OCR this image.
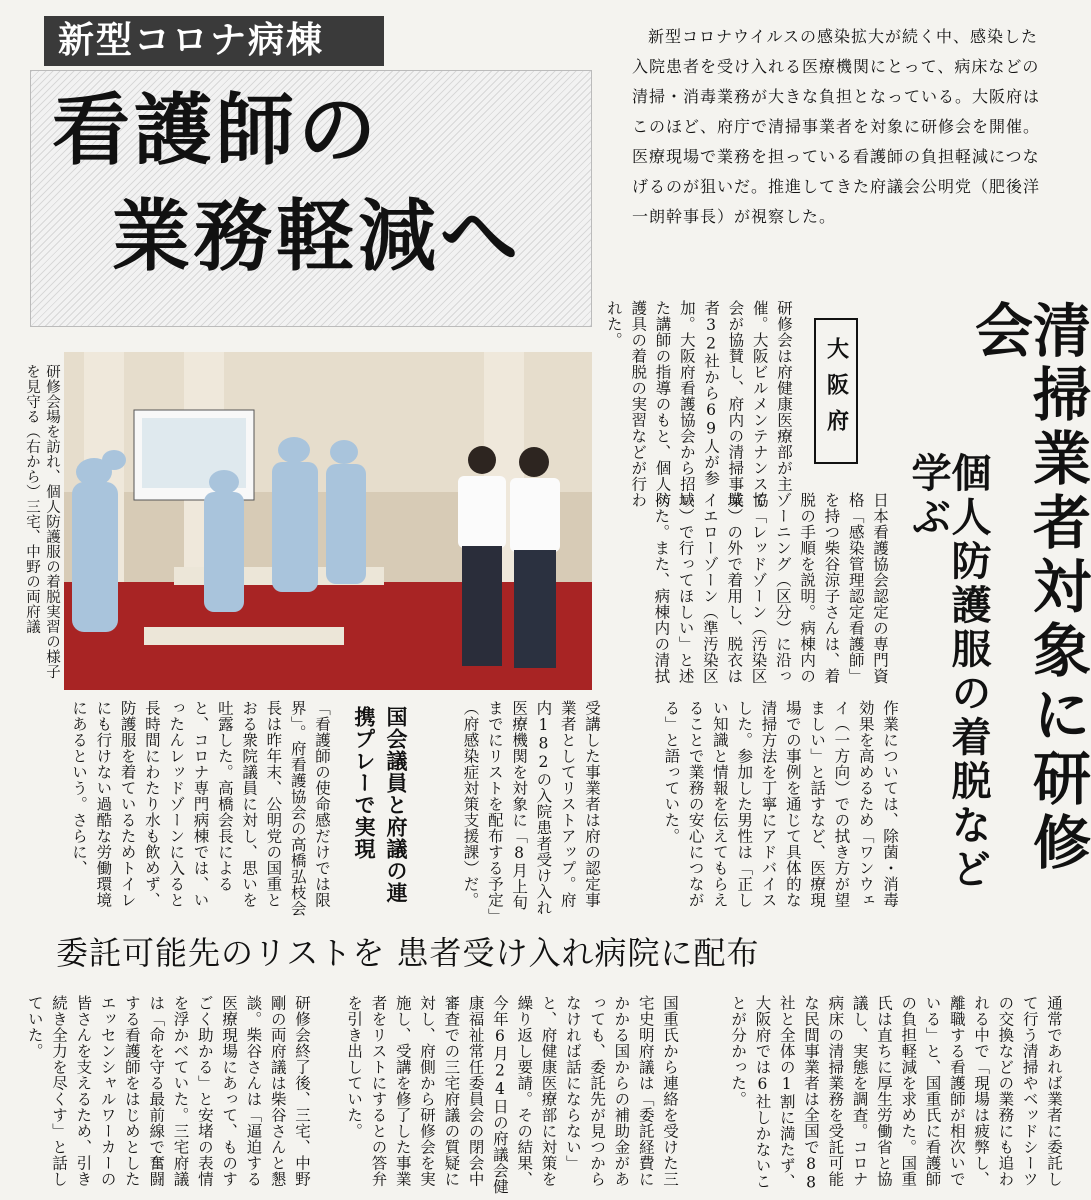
新型コロナ病棟
看護師の
業務軽減へ
新型コロナウイルスの感染拡大が続く中、感染した入院患者を受け入れる医療機関にとって、病床などの清掃・消毒業務が大きな負担となっている。大阪府はこのほど、府庁で清掃事業者を対象に研修会を開催。医療現場で業務を担っている看護師の負担軽減につなげるのが狙いだ。推進してきた府議会公明党（肥後洋一朗幹事長）が視察した。
清掃業者対象に研修会
個人防護服の着脱など学ぶ
研修会は府健康医療部が主催。大阪ビルメンテナンス協会が協賛し、府内の清掃事業者32社から69人が参加。大阪府看護協会から招いた講師の指導のもと、個人防護具の着脱の実習などが行われた。
大阪府
日本看護協会認定の専門資格「感染管理認定看護師」を持つ柴谷涼子さんは、着脱の手順を説明。病棟内のゾーニング（区分）に沿って「レッドゾーン（汚染区域）の外で着用し、脱衣はイエローゾーン（準汚染区域）で行ってほしい」と述べた。また、病棟内の清拭
研修会場を訪れ、個人防護服の着脱実習の様子を見守る（右から）三宅、中野の両府議
作業については、除菌・消毒効果を高めるため「ワンウェイ（一方向）での拭き方が望ましい」と話すなど、医療現場での事例を通じて具体的な清掃方法を丁寧にアドバイスした。参加した男性は「正しい知識と情報を伝えてもらえることで業務の安心につながる」と語っていた。
受講した事業者は府の認定事業者としてリストアップ。府内182の入院患者受け入れ医療機関を対象に「8月上旬までにリストを配布する予定」（府感染症対策支援課）だ。
国会議員と府議の連携プレーで実現
「看護師の使命感だけでは限界」。府看護協会の高橋弘枝会長は昨年末、公明党の国重とおる衆院議員に対し、思いを吐露した。高橋会長によると、コロナ専門病棟では、いったんレッドゾーンに入ると長時間にわたり水も飲めず、防護服を着ているためトイレにも行けない過酷な労働環境にあるという。さらに、
委託可能先のリストを 患者受け入れ病院に配布
通常であれば業者に委託して行う清掃やベッドシーツの交換などの業務にも追われる中で「現場は疲弊し、離職する看護師が相次いでいる」と、国重氏に看護師の負担軽減を求めた。国重氏は直ちに厚生労働省と協議し、実態を調査。コロナ病床の清掃業務を受託可能な民間事業者は全国で88社と全体の1割に満たず、大阪府では6社しかないことが分かった。
国重氏から連絡を受けた三宅史明府議は「委託経費にかかる国からの補助金があっても、委託先が見つからなければ話にならない」と、府健康医療部に対策を繰り返し要請。その結果、今年6月24日の府議会健康福祉常任委員会の閉会中審査での三宅府議の質疑に対し、府側から研修会を実施し、受講を修了した事業者をリストにするとの答弁を引き出していた。
研修会終了後、三宅、中野剛の両府議は柴谷さんと懇談。柴谷さんは「逼迫する医療現場にあって、ものすごく助かる」と安堵の表情を浮かべていた。三宅府議は「命を守る最前線で奮闘する看護師をはじめとしたエッセンシャルワーカーの皆さんを支えるため、引き続き全力を尽くす」と話していた。
